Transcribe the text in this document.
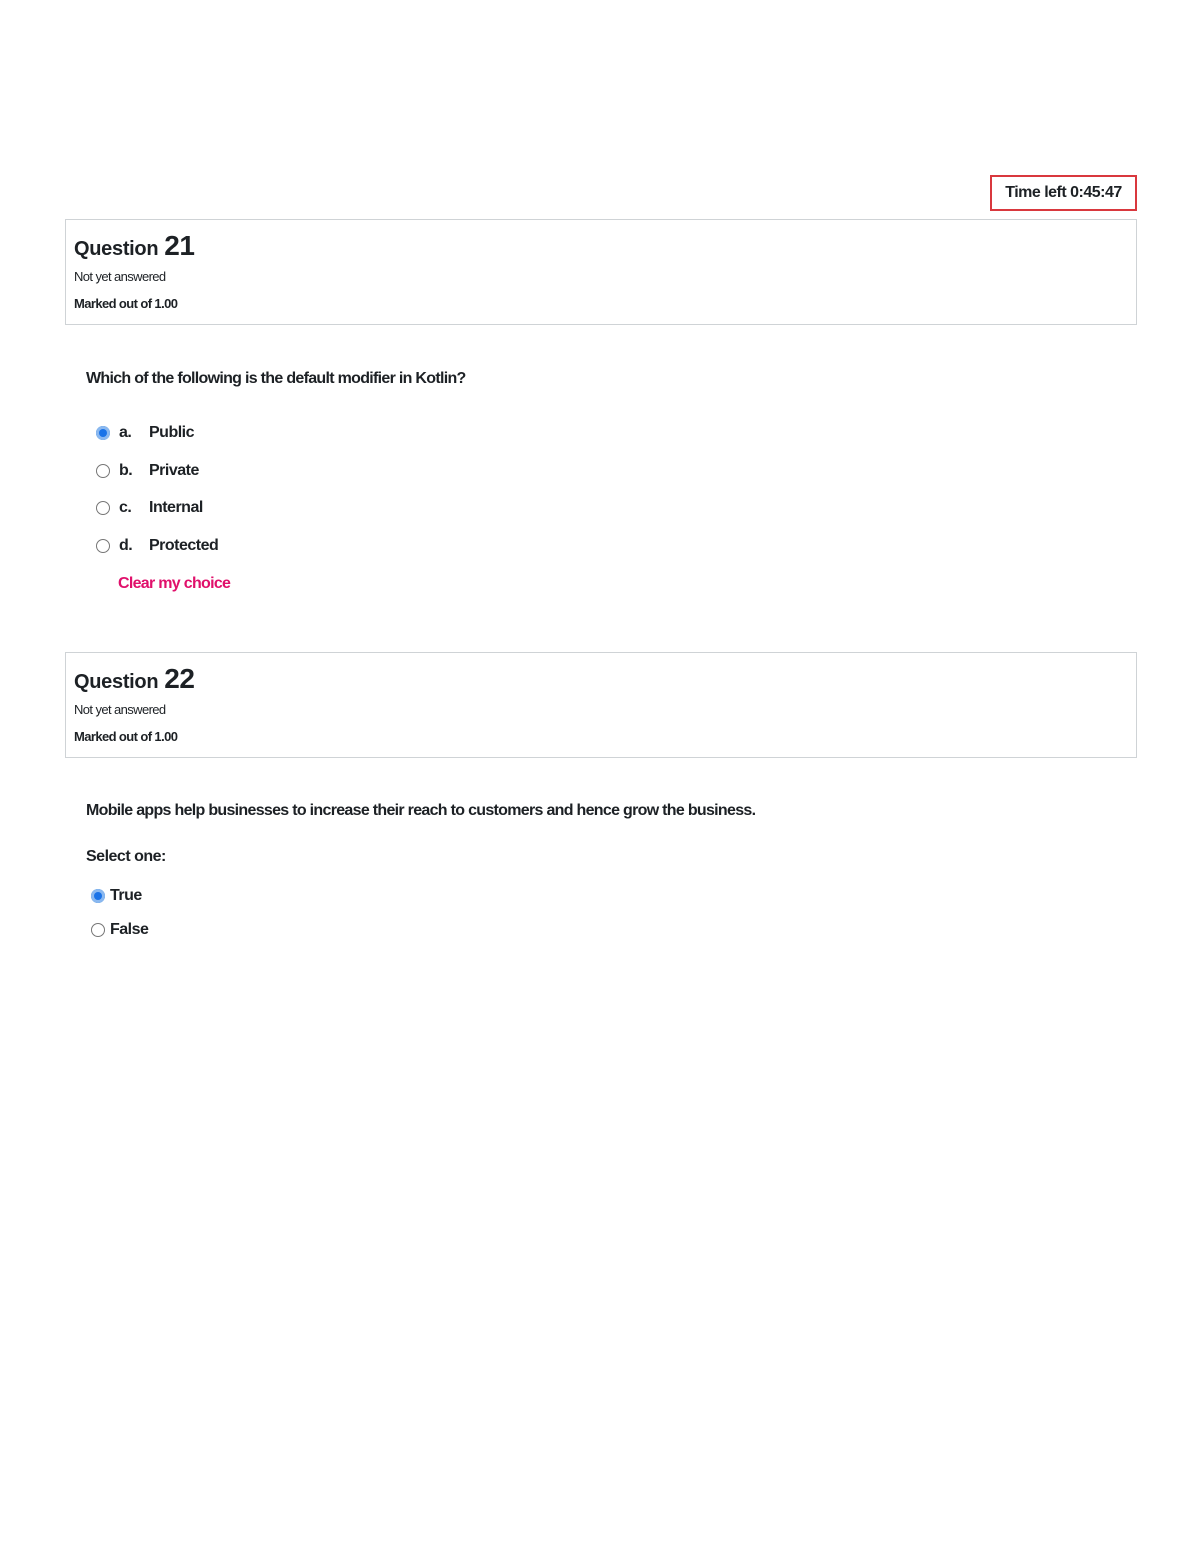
Time left 0:45:47
Question 21
Not yet answered
Marked out of 1.00
Which of the following is the default modifier in Kotlin?
a.	Public
b.	Private
c.	Internal
d.	Protected
Clear my choice
Question 22
Not yet answered
Marked out of 1.00
Mobile apps help businesses to increase their reach to customers and hence grow the business.
Select one:
True
False
